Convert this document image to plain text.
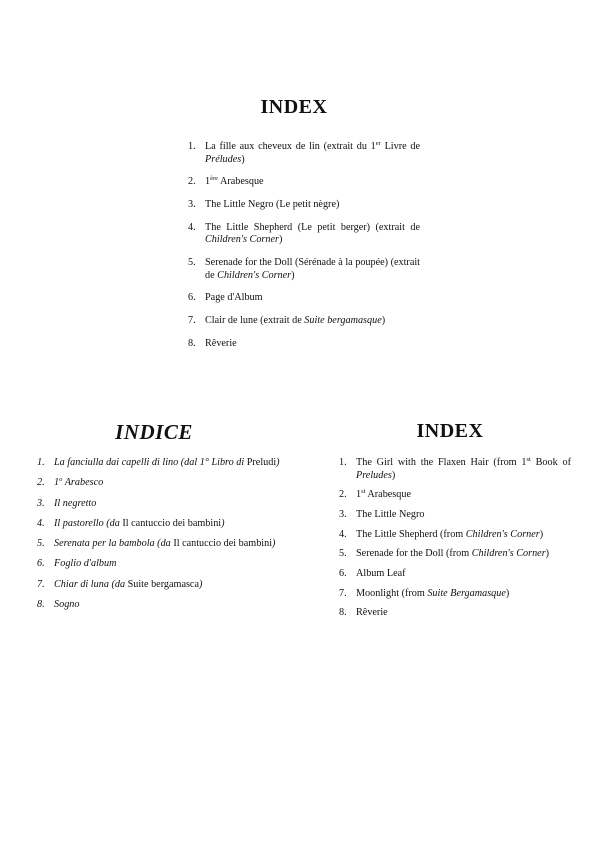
INDEX
1. La fille aux cheveux de lin (extrait du 1er Livre de Préludes)
2. 1ère Arabesque
3. The Little Negro (Le petit nègre)
4. The Little Shepherd (Le petit berger) (extrait de Children's Corner)
5. Serenade for the Doll (Sérénade à la poupée) (extrait de Children's Corner)
6. Page d'Album
7. Clair de lune (extrait de Suite bergamasque)
8. Rêverie
INDICE
1. La fanciulla dai capelli di lino (dal 1° Libro di Preludi)
2. 1$^o$ Arabesco
3. Il negretto
4. Il pastorello (da Il cantuccio dei bambini)
5. Serenata per la bambola (da Il cantuccio dei bambini)
6. Foglio d'album
7. Chiar di luna (da Suite bergamasca)
8. Sogno
INDEX
1. The Girl with the Flaxen Hair (from 1st Book of Preludes)
2. 1st Arabesque
3. The Little Negro
4. The Little Shepherd (from Children's Corner)
5. Serenade for the Doll (from Children's Corner)
6. Album Leaf
7. Moonlight (from Suite Bergamasque)
8. Rêverie
